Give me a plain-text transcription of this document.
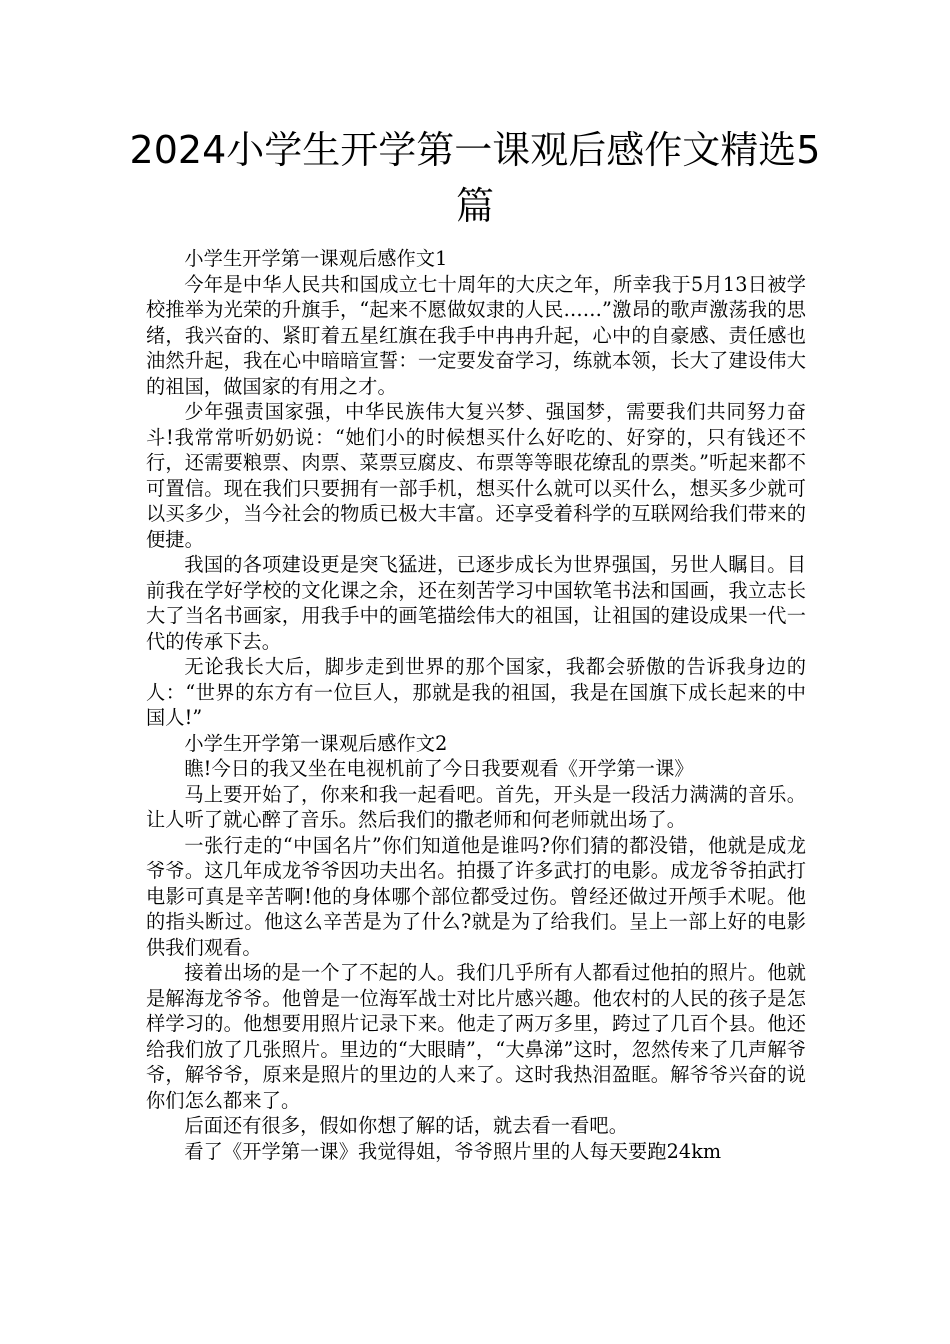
2024小学生开学第一课观后感作文精选5篇

小学生开学第一课观后感作文1

今年是中华人民共和国成立七十周年的大庆之年，所幸我于5月13日被学校推举为光荣的升旗手，“起来不愿做奴隶的人民……”激昂的歌声激荡我的思绪，我兴奋的、紧盯着五星红旗在我手中冉冉升起，心中的自豪感、责任感也油然升起，我在心中暗暗宣誓：一定要发奋学习，练就本领，长大了建设伟大的祖国，做国家的有用之才。

少年强责国家强，中华民族伟大复兴梦、强国梦，需要我们共同努力奋斗!我常常听奶奶说：“她们小的时候想买什么好吃的、好穿的，只有钱还不行，还需要粮票、肉票、菜票豆腐皮、布票等等眼花缭乱的票类。”听起来都不可置信。现在我们只要拥有一部手机，想买什么就可以买什么，想买多少就可以买多少，当今社会的物质已极大丰富。还享受着科学的互联网给我们带来的便捷。

我国的各项建设更是突飞猛进，已逐步成长为世界强国，另世人瞩目。目前我在学好学校的文化课之余，还在刻苦学习中国软笔书法和国画，我立志长大了当名书画家，用我手中的画笔描绘伟大的祖国，让祖国的建设成果一代一代的传承下去。

无论我长大后，脚步走到世界的那个国家，我都会骄傲的告诉我身边的人：“世界的东方有一位巨人，那就是我的祖国，我是在国旗下成长起来的中国人!”

小学生开学第一课观后感作文2

瞧!今日的我又坐在电视机前了今日我要观看《开学第一课》

马上要开始了，你来和我一起看吧。首先，开头是一段活力满满的音乐。让人听了就心醉了音乐。然后我们的撒老师和何老师就出场了。

一张行走的“中国名片”你们知道他是谁吗?你们猜的都没错，他就是成龙爷爷。这几年成龙爷爷因功夫出名。拍摄了许多武打的电影。成龙爷爷拍武打电影可真是辛苦啊!他的身体哪个部位都受过伤。曾经还做过开颅手术呢。他的指头断过。他这么辛苦是为了什么?就是为了给我们。呈上一部上好的电影供我们观看。

接着出场的是一个了不起的人。我们几乎所有人都看过他拍的照片。他就是解海龙爷爷。他曾是一位海军战士对比片感兴趣。他农村的人民的孩子是怎样学习的。他想要用照片记录下来。他走了两万多里，跨过了几百个县。他还给我们放了几张照片。里边的“大眼睛”，“大鼻涕”这时，忽然传来了几声解爷爷，解爷爷，原来是照片的里边的人来了。这时我热泪盈眶。解爷爷兴奋的说你们怎么都来了。

后面还有很多，假如你想了解的话，就去看一看吧。

看了《开学第一课》我觉得姐，爷爷照片里的人每天要跑24km
